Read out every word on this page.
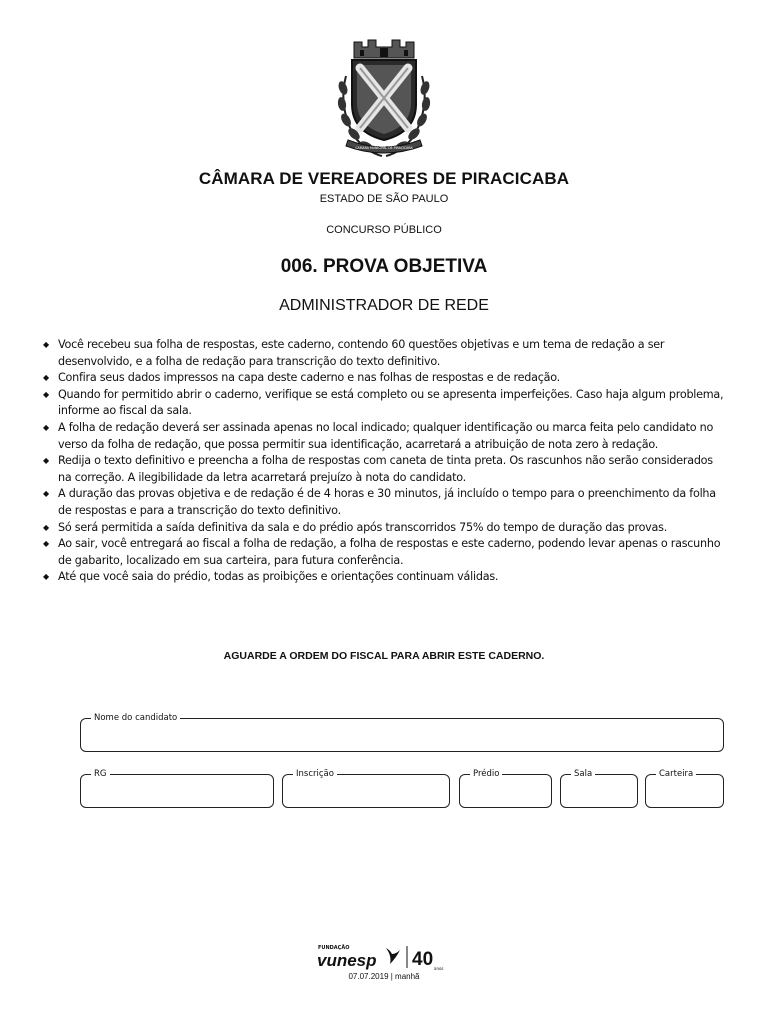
CAMARA MUNICIPAL DE PIRACICABA
CÂMARA DE VEREADORES DE PIRACICABA
ESTADO DE SÃO PAULO
CONCURSO PÚBLICO
006. PROVA OBJETIVA
ADMINISTRADOR DE REDE
◆ Você recebeu sua folha de respostas, este caderno, contendo 60 questões objetivas e um tema de redação a ser desenvolvido, e a folha de redação para transcrição do texto definitivo.
◆ Confira seus dados impressos na capa deste caderno e nas folhas de respostas e de redação.
◆ Quando for permitido abrir o caderno, verifique se está completo ou se apresenta imperfeições. Caso haja algum problema, informe ao fiscal da sala.
◆ A folha de redação deverá ser assinada apenas no local indicado; qualquer identificação ou marca feita pelo candidato no verso da folha de redação, que possa permitir sua identificação, acarretará a atribuição de nota zero à redação.
◆ Redija o texto definitivo e preencha a folha de respostas com caneta de tinta preta. Os rascunhos não serão considerados na correção. A ilegibilidade da letra acarretará prejuízo à nota do candidato.
◆ A duração das provas objetiva e de redação é de 4 horas e 30 minutos, já incluído o tempo para o preenchimento da folha de respostas e para a transcrição do texto definitivo.
◆ Só será permitida a saída definitiva da sala e do prédio após transcorridos 75% do tempo de duração das provas.
◆ Ao sair, você entregará ao fiscal a folha de redação, a folha de respostas e este caderno, podendo levar apenas o rascunho de gabarito, localizado em sua carteira, para futura conferência.
◆ Até que você saia do prédio, todas as proibições e orientações continuam válidas.
AGUARDE A ORDEM DO FISCAL PARA ABRIR ESTE CADERNO.
Nome do candidato
RG	Inscrição	Prédio	Sala	Carteira
FUNDAÇÃO
vunesp 40 anos
07.07.2019 | manhã
